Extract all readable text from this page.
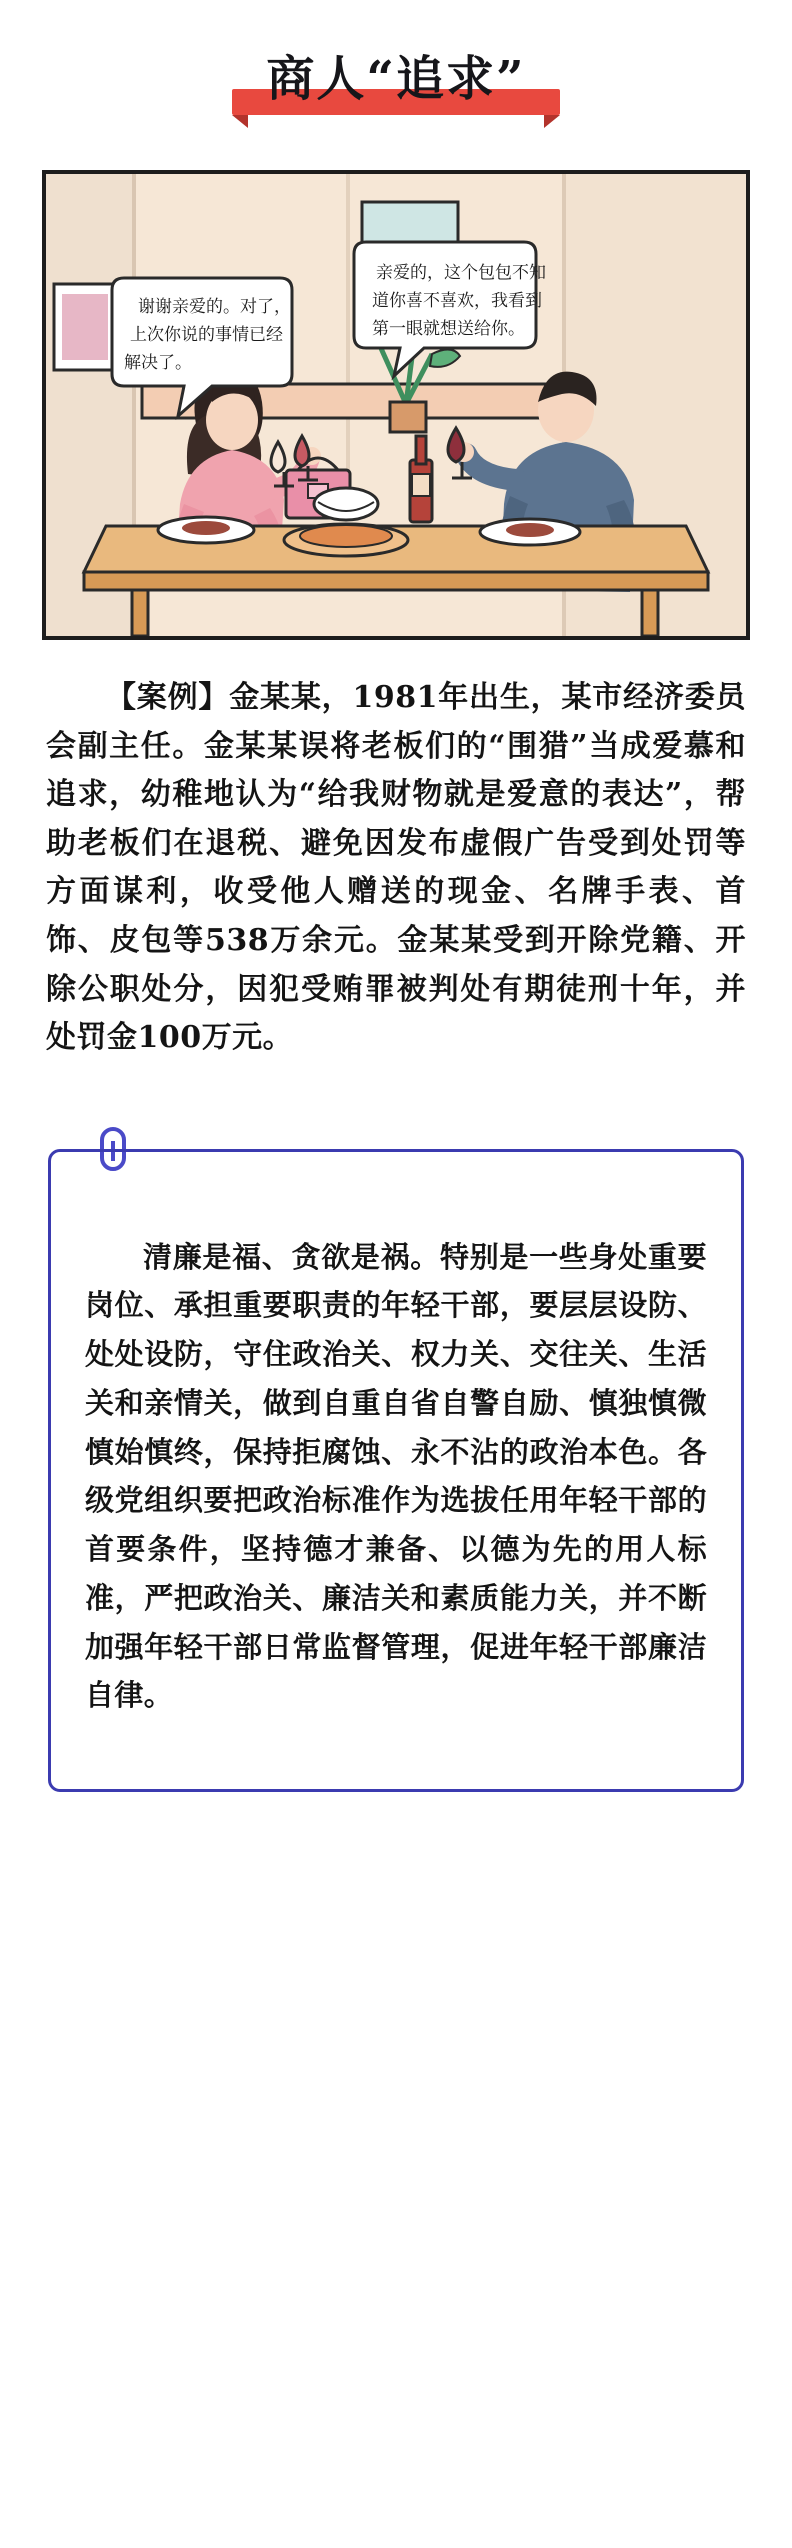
商人“追求”
谢谢亲爱的。对了，
上次你说的事情已经
解决了。
亲爱的，这个包包不知
道你喜不喜欢，我看到
第一眼就想送给你。

【案例】金某某，1981年出生，某市经济委员会副主任。金某某误将老板们的“围猎”当成爱慕和追求，幼稚地认为“给我财物就是爱意的表达”，帮助老板们在退税、避免因发布虚假广告受到处罚等方面谋利，收受他人赠送的现金、名牌手表、首饰、皮包等538万余元。金某某受到开除党籍、开除公职处分，因犯受贿罪被判处有期徒刑十年，并处罚金100万元。

清廉是福、贪欲是祸。特别是一些身处重要岗位、承担重要职责的年轻干部，要层层设防、处处设防，守住政治关、权力关、交往关、生活关和亲情关，做到自重自省自警自励、慎独慎微慎始慎终，保持拒腐蚀、永不沾的政治本色。各级党组织要把政治标准作为选拔任用年轻干部的首要条件，坚持德才兼备、以德为先的用人标准，严把政治关、廉洁关和素质能力关，并不断加强年轻干部日常监督管理，促进年轻干部廉洁自律。
